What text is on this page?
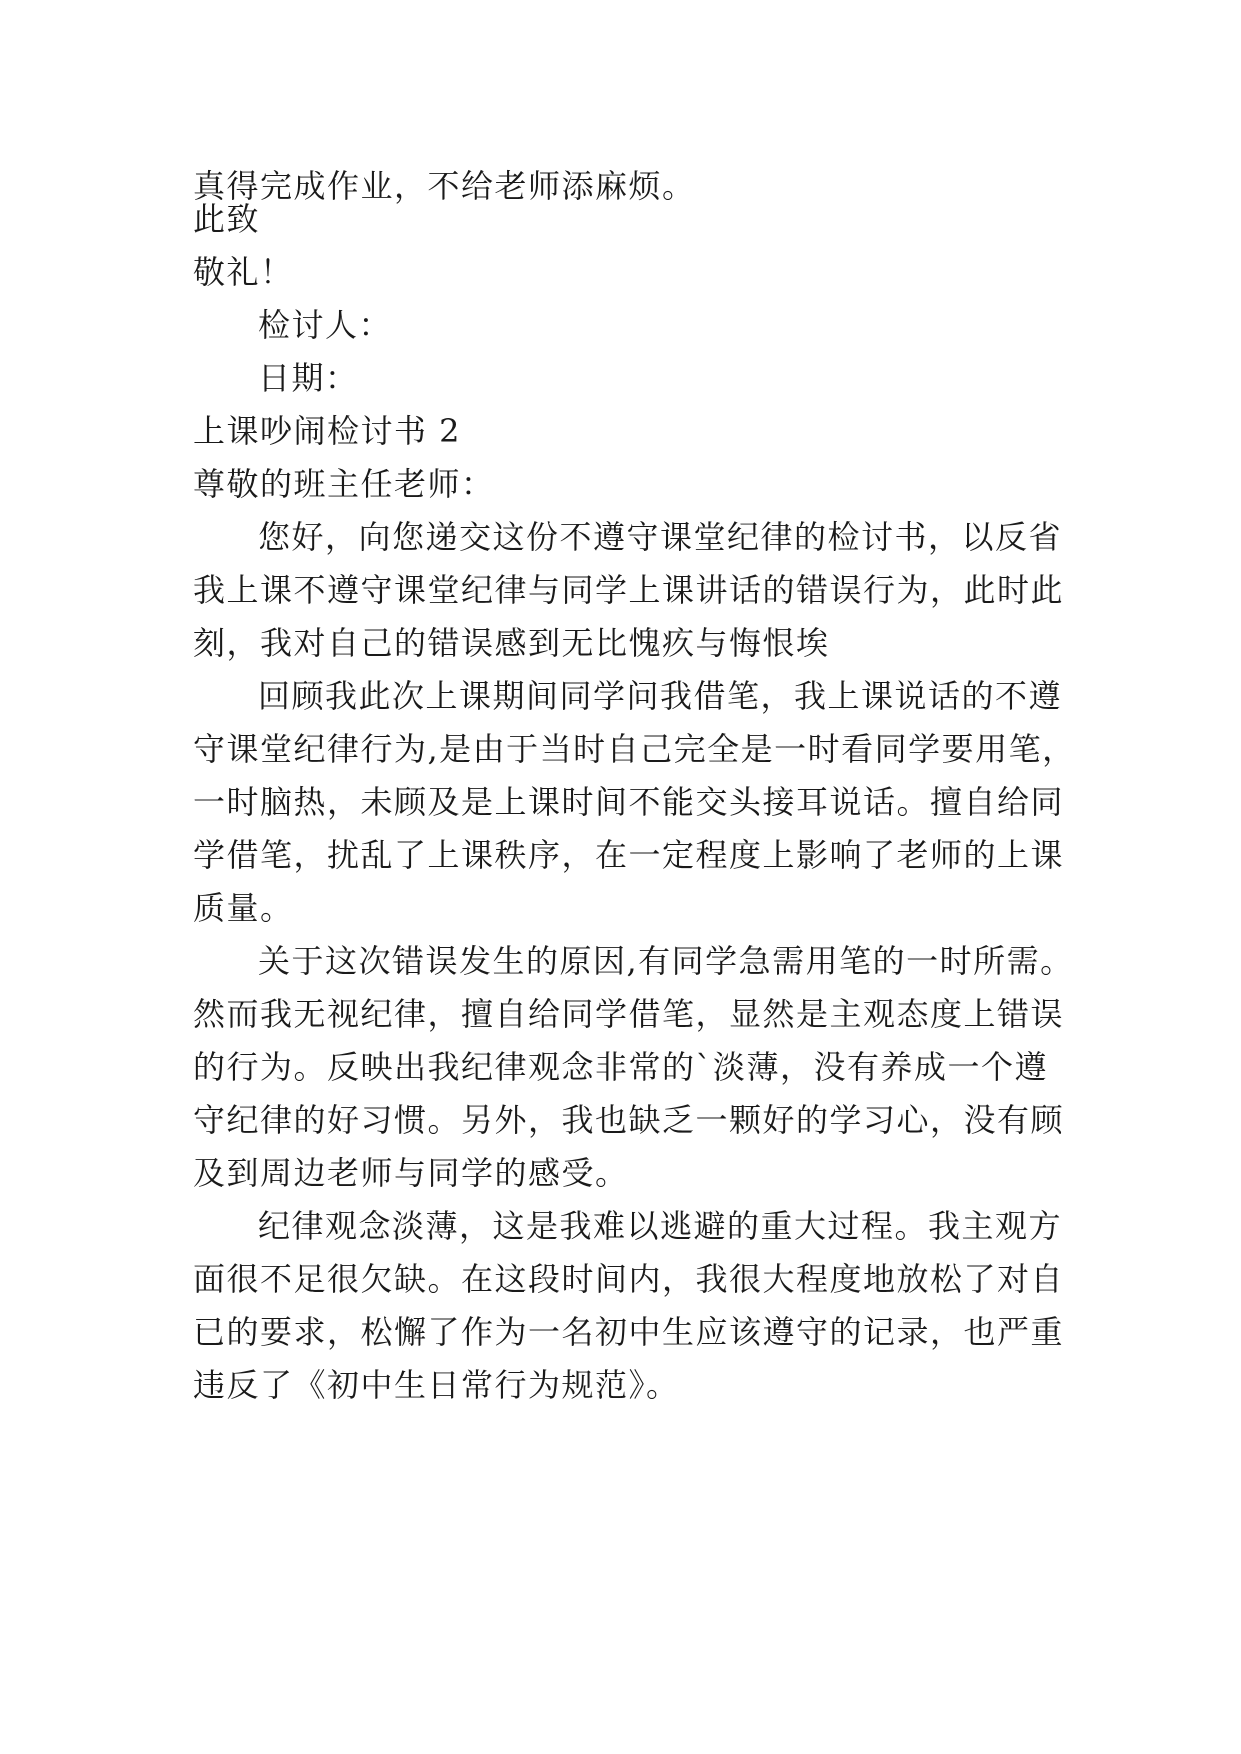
真得完成作业，不给老师添麻烦。
此致
敬礼！
检讨人：
日期：
上课吵闹检讨书 2
尊敬的班主任老师：
您好，向您递交这份不遵守课堂纪律的检讨书，以反省
我上课不遵守课堂纪律与同学上课讲话的错误行为，此时此
刻，我对自己的错误感到无比愧疚与悔恨埃
回顾我此次上课期间同学问我借笔，我上课说话的不遵
守课堂纪律行为,是由于当时自己完全是一时看同学要用笔，
一时脑热，未顾及是上课时间不能交头接耳说话。擅自给同
学借笔，扰乱了上课秩序，在一定程度上影响了老师的上课
质量。
关于这次错误发生的原因,有同学急需用笔的一时所需。
然而我无视纪律，擅自给同学借笔，显然是主观态度上错误
的行为。反映出我纪律观念非常的`淡薄，没有养成一个遵
守纪律的好习惯。另外，我也缺乏一颗好的学习心，没有顾
及到周边老师与同学的感受。
纪律观念淡薄，这是我难以逃避的重大过程。我主观方
面很不足很欠缺。在这段时间内，我很大程度地放松了对自
已的要求，松懈了作为一名初中生应该遵守的记录，也严重
违反了《初中生日常行为规范》。
